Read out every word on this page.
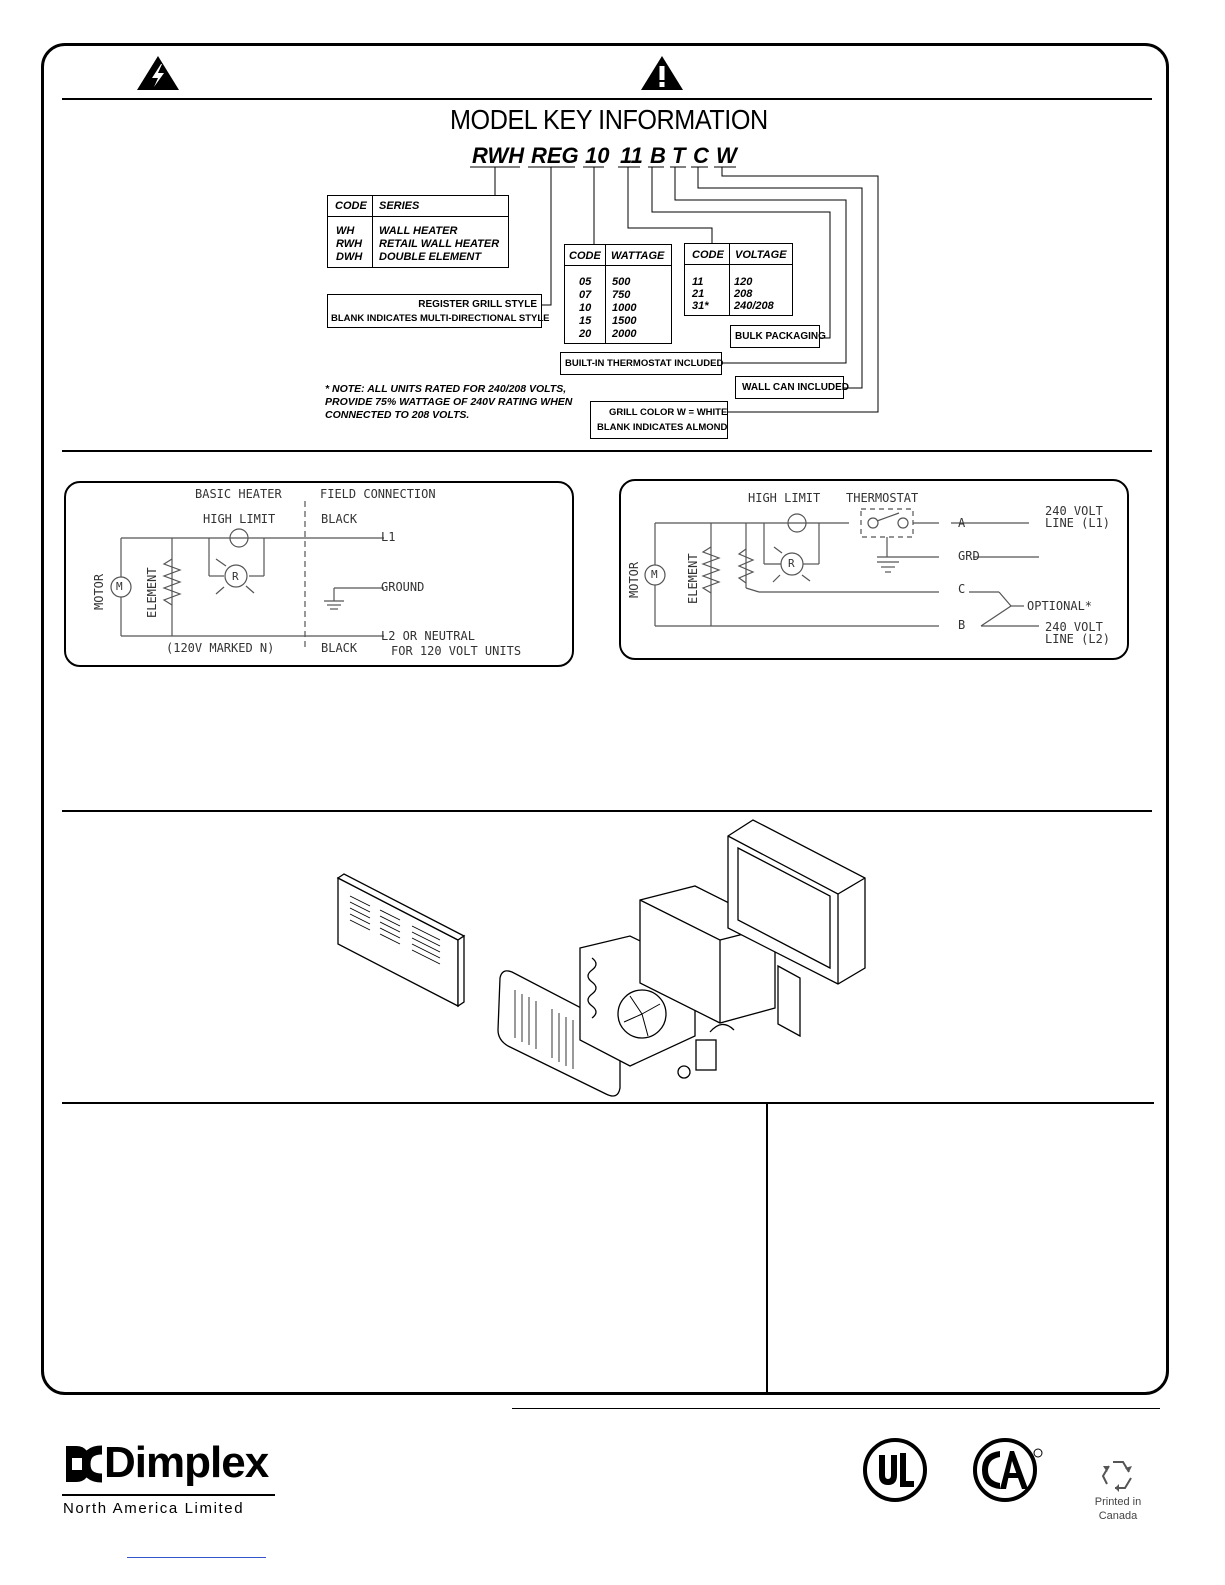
MODEL KEY INFORMATION
RWH REG 10 11 B T C W
CODE SERIES
WH WALL HEATER
RWH RETAIL WALL HEATER
DWH DOUBLE ELEMENT
REGISTER GRILL STYLE
BLANK INDICATES MULTI-DIRECTIONAL STYLE
CODE WATTAGE
05 500
07 750
10 1000
15 1500
20 2000
CODE VOLTAGE
11	120
21	208
31* 240/208
BULK PACKAGING
BUILT-IN THERMOSTAT INCLUDED
WALL CAN INCLUDED
GRILL COLOR W = WHITE
BLANK INDICATES ALMOND
* NOTE: ALL UNITS RATED FOR 240/208 VOLTS,
PROVIDE 75% WATTAGE OF 240V RATING WHEN
CONNECTED TO 208 VOLTS.
BASIC HEATER	FIELD CONNECTION
HIGH LIMIT	BLACK
L1
GROUND
MOTOR	ELEMENT
M
R
(120V MARKED N)	BLACK
L2 OR NEUTRAL
FOR 120 VOLT UNITS
HIGH LIMIT THERMOSTAT
A
GRD
C
B
240 VOLT
LINE (L1)
OPTIONAL*
240 VOLT
LINE (L2)
MOTOR	ELEMENT
M
R
Dimplex
North America Limited	Printed in
Canada
